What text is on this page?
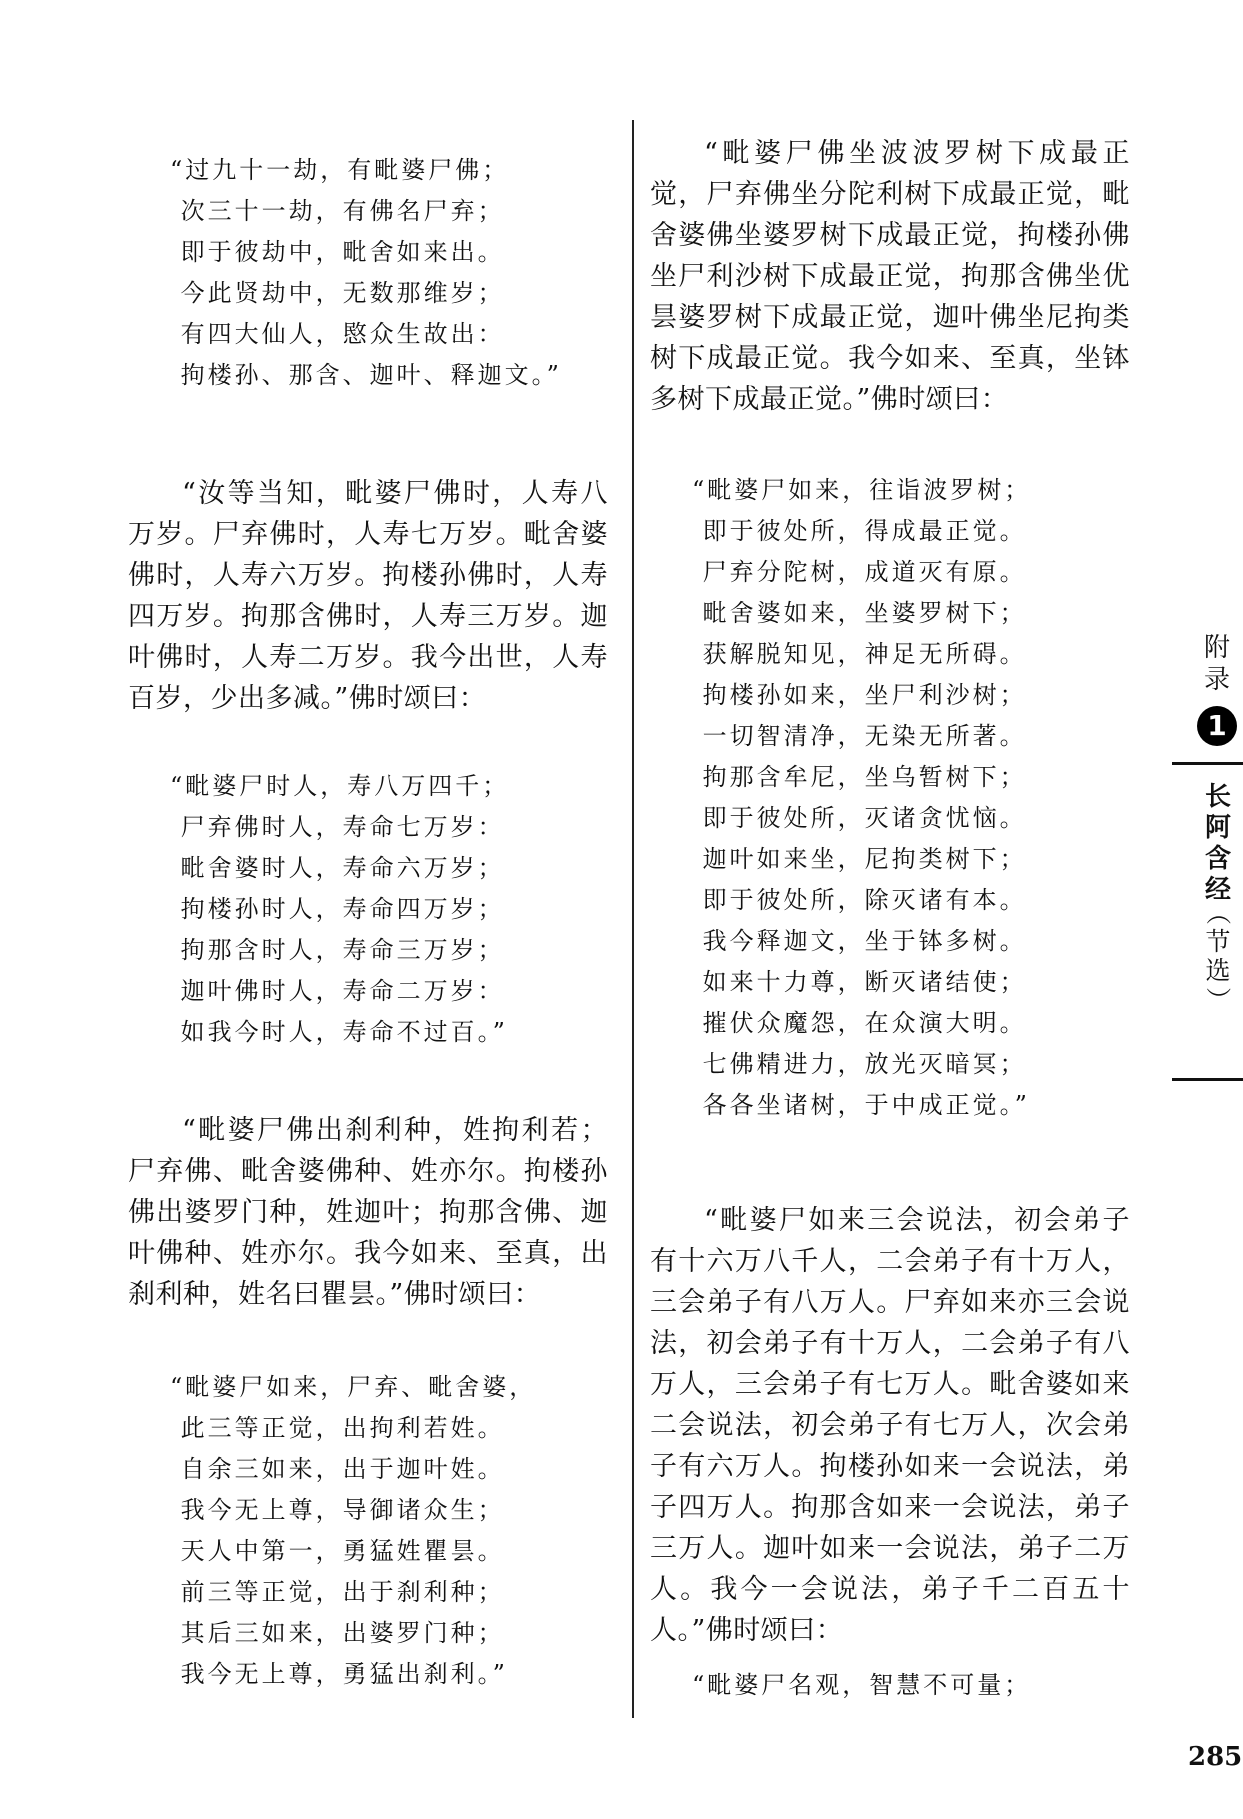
“过九十一劫，有毗婆尸佛；
次三十一劫，有佛名尸弃；
即于彼劫中，毗舍如来出。
今此贤劫中，无数那维岁；
有四大仙人，愍众生故出：
拘楼孙、那含、迦叶、释迦文。”

“汝等当知，毗婆尸佛时，人寿八万岁。尸弃佛时，人寿七万岁。毗舍婆佛时，人寿六万岁。拘楼孙佛时，人寿四万岁。拘那含佛时，人寿三万岁。迦叶佛时，人寿二万岁。我今出世，人寿百岁，少出多减。”佛时颂曰：

“毗婆尸时人，寿八万四千；
尸弃佛时人，寿命七万岁：
毗舍婆时人，寿命六万岁；
拘楼孙时人，寿命四万岁；
拘那含时人，寿命三万岁；
迦叶佛时人，寿命二万岁：
如我今时人，寿命不过百。”

“毗婆尸佛出刹利种，姓拘利若；尸弃佛、毗舍婆佛种、姓亦尔。拘楼孙佛出婆罗门种，姓迦叶；拘那含佛、迦叶佛种、姓亦尔。我今如来、至真，出刹利种，姓名曰瞿昙。”佛时颂曰：

“毗婆尸如来，尸弃、毗舍婆，
此三等正觉，出拘利若姓。
自余三如来，出于迦叶姓。
我今无上尊，导御诸众生；
天人中第一，勇猛姓瞿昙。
前三等正觉，出于刹利种；
其后三如来，出婆罗门种；
我今无上尊，勇猛出刹利。”

“毗婆尸佛坐波波罗树下成最正觉，尸弃佛坐分陀利树下成最正觉，毗舍婆佛坐婆罗树下成最正觉，拘楼孙佛坐尸利沙树下成最正觉，拘那含佛坐优昙婆罗树下成最正觉，迦叶佛坐尼拘类树下成最正觉。我今如来、至真，坐钵多树下成最正觉。”佛时颂曰：

“毗婆尸如来，往诣波罗树；
即于彼处所，得成最正觉。
尸弃分陀树，成道灭有原。
毗舍婆如来，坐婆罗树下；
获解脱知见，神足无所碍。
拘楼孙如来，坐尸利沙树；
一切智清净，无染无所著。
拘那含牟尼，坐乌暂树下；
即于彼处所，灭诸贪忧恼。
迦叶如来坐，尼拘类树下；
即于彼处所，除灭诸有本。
我今释迦文，坐于钵多树。
如来十力尊，断灭诸结使；
摧伏众魔怨，在众演大明。
七佛精进力，放光灭暗冥；
各各坐诸树，于中成正觉。”

“毗婆尸如来三会说法，初会弟子有十六万八千人，二会弟子有十万人，三会弟子有八万人。尸弃如来亦三会说法，初会弟子有十万人，二会弟子有八万人，三会弟子有七万人。毗舍婆如来二会说法，初会弟子有七万人，次会弟子有六万人。拘楼孙如来一会说法，弟子四万人。拘那含如来一会说法，弟子三万人。迦叶如来一会说法，弟子二万人。我今一会说法，弟子千二百五十人。”佛时颂曰：

“毗婆尸名观，智慧不可量；
附
录
1
长
阿
含
经
（
节
选
）
285
